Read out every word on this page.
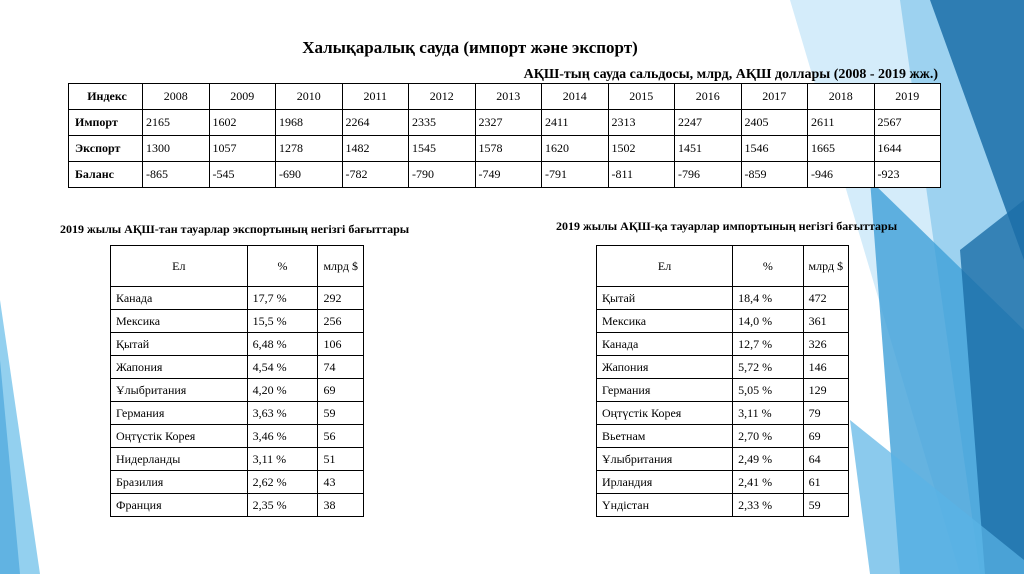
Халықаралық сауда (импорт және экспорт)
АҚШ-тың сауда сальдосы, млрд, АҚШ доллары (2008 - 2019 жж.)
Индекс	2008	2009	2010	2011	2012	2013	2014	2015	2016	2017	2018	2019
Импорт	2165	1602	1968	2264	2335	2327	2411	2313	2247	2405	2611	2567
Экспорт	1300	1057	1278	1482	1545	1578	1620	1502	1451	1546	1665	1644
Баланс	-865	-545	-690	-782	-790	-749	-791	-811	-796	-859	-946	-923
2019 жылы АҚШ-тан тауарлар экспортының негізгі бағыттары
Ел	%	млрд $
Канада	17,7 %	292
Мексика	15,5 %	256
Қытай	6,48 %	106
Жапония	4,54 %	74
Ұлыбритания	4,20 %	69
Германия	3,63 %	59
Оңтүстік Корея	3,46 %	56
Нидерланды	3,11 %	51
Бразилия	2,62 %	43
Франция	2,35 %	38
2019 жылы АҚШ-қа тауарлар импортының негізгі бағыттары
Ел	%	млрд $
Қытай	18,4 %	472
Мексика	14,0 %	361
Канада	12,7 %	326
Жапония	5,72 %	146
Германия	5,05 %	129
Оңтүстік Корея	3,11 %	79
Вьетнам	2,70 %	69
Ұлыбритания	2,49 %	64
Ирландия	2,41 %	61
Үндістан	2,33 %	59
